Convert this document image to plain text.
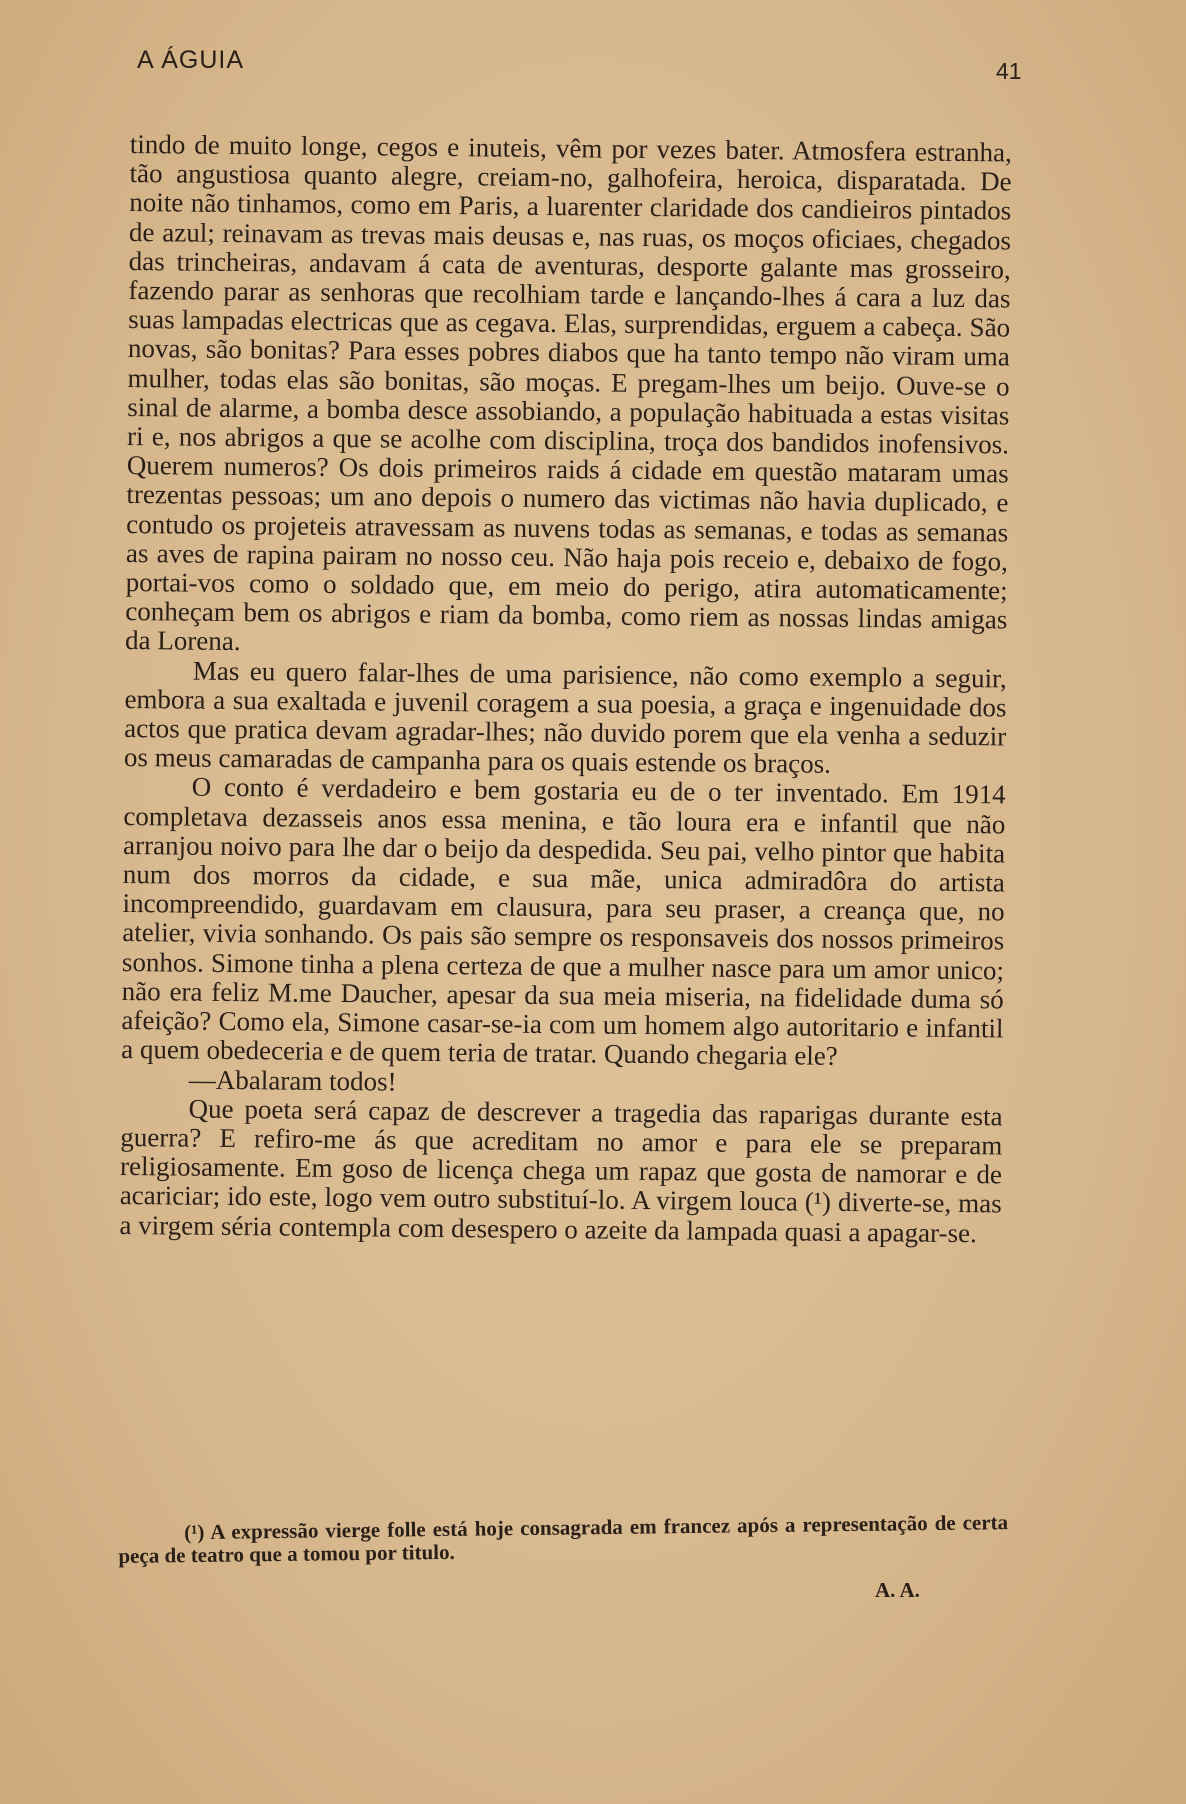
A ÁGUIA	41

tindo de muito longe, cegos e inuteis, vêm por vezes bater. Atmosfera estranha, tão angustiosa quanto alegre, creiam-no, galhofeira, heroica, disparatada. De noite não tinhamos, como em Paris, a luarenter claridade dos candieiros pintados de azul; reinavam as trevas mais deusas e, nas ruas, os moços oficiaes, chegados das trincheiras, andavam á cata de aventuras, desporte galante mas grosseiro, fazendo parar as senhoras que recolhiam tarde e lançando-lhes á cara a luz das suas lampadas electricas que as cegava. Elas, surprendidas, erguem a cabeça. São novas, são bonitas? Para esses pobres diabos que ha tanto tempo não viram uma mulher, todas elas são bonitas, são moças. E pregam-lhes um beijo. Ouve-se o sinal de alarme, a bomba desce assobiando, a população habituada a estas visitas ri e, nos abrigos a que se acolhe com disciplina, troça dos bandidos inofensivos. Querem numeros? Os dois primeiros raids á cidade em questão mataram umas trezentas pessoas; um ano depois o numero das victimas não havia duplicado, e contudo os projeteis atravessam as nuvens todas as semanas, e todas as semanas as aves de rapina pairam no nosso ceu. Não haja pois receio e, debaixo de fogo, portai-vos como o soldado que, em meio do perigo, atira automaticamente; conheçam bem os abrigos e riam da bomba, como riem as nossas lindas amigas da Lorena.

Mas eu quero falar-lhes de uma parisience, não como exemplo a seguir, embora a sua exaltada e juvenil coragem a sua poesia, a graça e ingenuidade dos actos que pratica devam agradar-lhes; não duvido porem que ela venha a seduzir os meus camaradas de campanha para os quais estende os braços.

O conto é verdadeiro e bem gostaria eu de o ter inventado. Em 1914 completava dezasseis anos essa menina, e tão loura era e infantil que não arranjou noivo para lhe dar o beijo da despedida. Seu pai, velho pintor que habita num dos morros da cidade, e sua mãe, unica admiradôra do artista incompreendido, guardavam em clausura, para seu praser, a creança que, no atelier, vivia sonhando. Os pais são sempre os responsaveis dos nossos primeiros sonhos. Simone tinha a plena certeza de que a mulher nasce para um amor unico; não era feliz M.me Daucher, apesar da sua meia miseria, na fidelidade duma só afeição? Como ela, Simone casar-se-ia com um homem algo autoritario e infantil a quem obedeceria e de quem teria de tratar. Quando chegaria ele?

—Abalaram todos!

Que poeta será capaz de descrever a tragedia das raparigas durante esta guerra? E refiro-me ás que acreditam no amor e para ele se preparam religiosamente. Em goso de licença chega um rapaz que gosta de namorar e de acariciar; ido este, logo vem outro substituí-lo. A virgem louca (¹) diverte-se, mas a virgem séria contempla com desespero o azeite da lampada quasi a apagar-se.

(¹) A expressão vierge folle está hoje consagrada em francez após a representação de certa peça de teatro que a tomou por titulo.
A. A.
